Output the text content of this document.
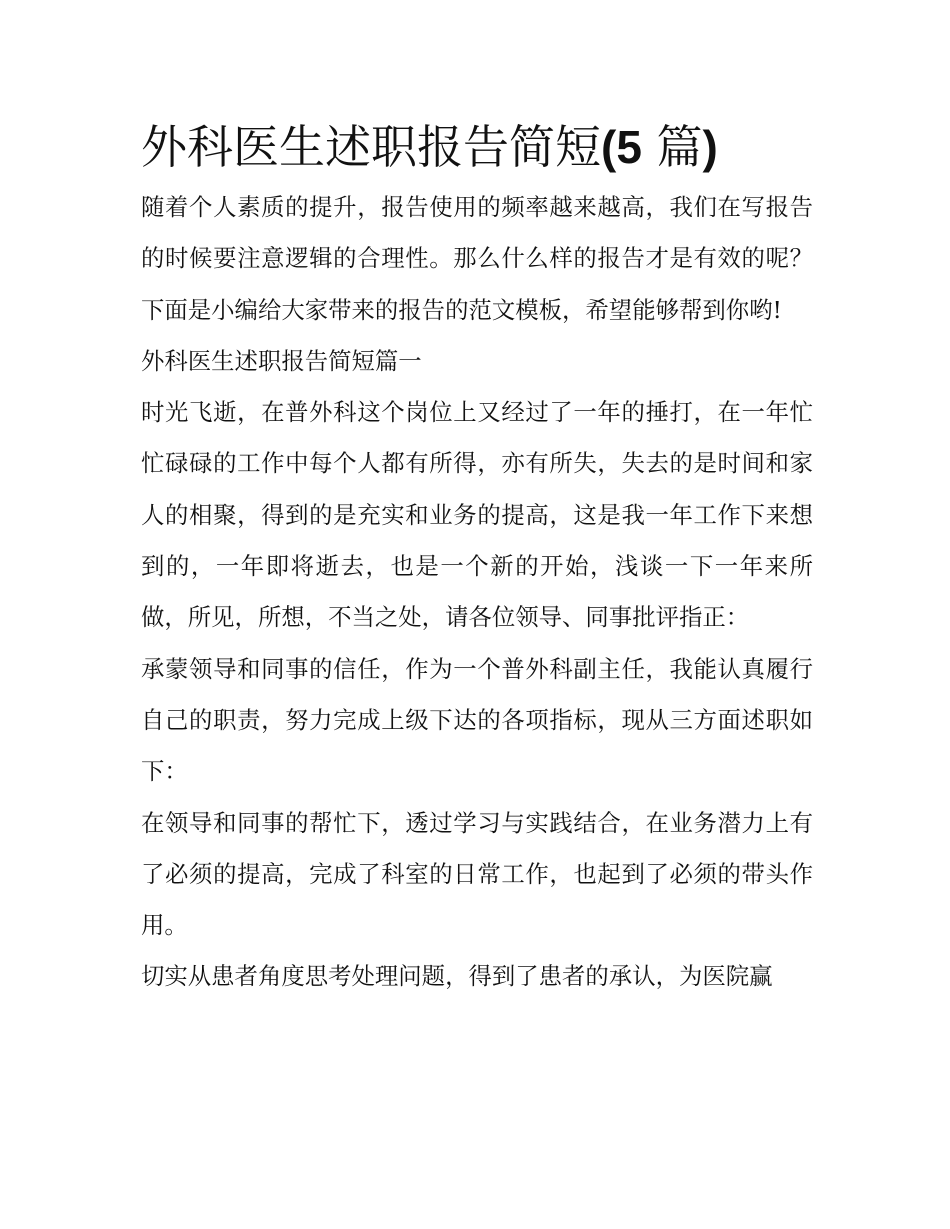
外科医生述职报告简短(5 篇)

随着个人素质的提升，报告使用的频率越来越高，我们在写报告的时候要注意逻辑的合理性。那么什么样的报告才是有效的呢？下面是小编给大家带来的报告的范文模板，希望能够帮到你哟!

外科医生述职报告简短篇一

时光飞逝，在普外科这个岗位上又经过了一年的捶打，在一年忙忙碌碌的工作中每个人都有所得，亦有所失，失去的是时间和家人的相聚，得到的是充实和业务的提高，这是我一年工作下来想到的，一年即将逝去，也是一个新的开始，浅谈一下一年来所做，所见，所想，不当之处，请各位领导、同事批评指正：

承蒙领导和同事的信任，作为一个普外科副主任，我能认真履行自己的职责，努力完成上级下达的各项指标，现从三方面述职如下：

在领导和同事的帮忙下，透过学习与实践结合，在业务潜力上有了必须的提高，完成了科室的日常工作，也起到了必须的带头作用。

切实从患者角度思考处理问题，得到了患者的承认，为医院赢
